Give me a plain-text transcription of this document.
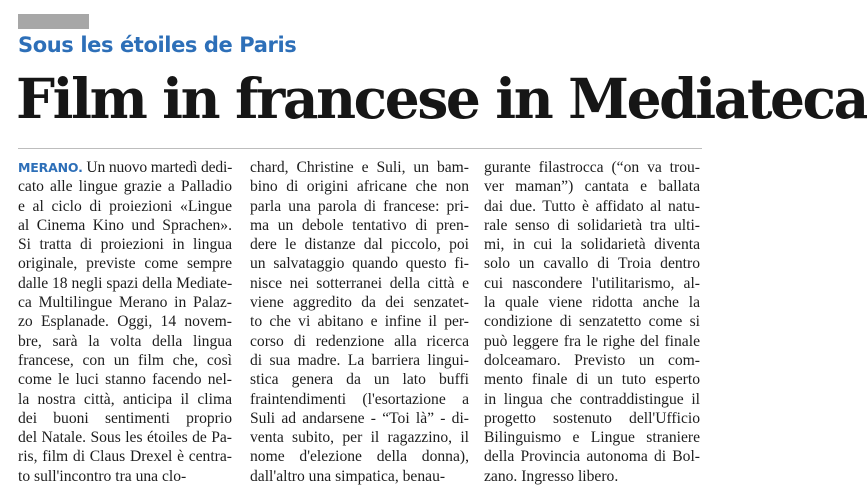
Sous les étoiles de Paris
Film in francese in Mediateca
MERANO. Un nuovo martedì dedi-
cato alle lingue grazie a Palladio
e al ciclo di proiezioni «Lingue
al Cinema Kino und Sprachen».
Si tratta di proiezioni in lingua
originale, previste come sempre
dalle 18 negli spazi della Mediate-
ca Multilingue Merano in Palaz-
zo Esplanade. Oggi, 14 novem-
bre, sarà la volta della lingua
francese, con un film che, così
come le luci stanno facendo nel-
la nostra città, anticipa il clima
dei buoni sentimenti proprio
del Natale. Sous les étoiles de Pa-
ris, film di Claus Drexel è centra-
to sull'incontro tra una clo-
chard, Christine e Suli, un bam-
bino di origini africane che non
parla una parola di francese: pri-
ma un debole tentativo di pren-
dere le distanze dal piccolo, poi
un salvataggio quando questo fi-
nisce nei sotterranei della città e
viene aggredito da dei senzatet-
to che vi abitano e infine il per-
corso di redenzione alla ricerca
di sua madre. La barriera lingui-
stica genera da un lato buffi
fraintendimenti (l'esortazione a
Suli ad andarsene - “Toi là” - di-
venta subito, per il ragazzino, il
nome d'elezione della donna),
dall'altro una simpatica, benau-
gurante filastrocca (“on va trou-
ver maman”) cantata e ballata
dai due. Tutto è affidato al natu-
rale senso di solidarietà tra ulti-
mi, in cui la solidarietà diventa
solo un cavallo di Troia dentro
cui nascondere l'utilitarismo, al-
la quale viene ridotta anche la
condizione di senzatetto come si
può leggere fra le righe del finale
dolceamaro. Previsto un com-
mento finale di un tuto esperto
in lingua che contraddistingue il
progetto sostenuto dell'Ufficio
Bilinguismo e Lingue straniere
della Provincia autonoma di Bol-
zano. Ingresso libero.
